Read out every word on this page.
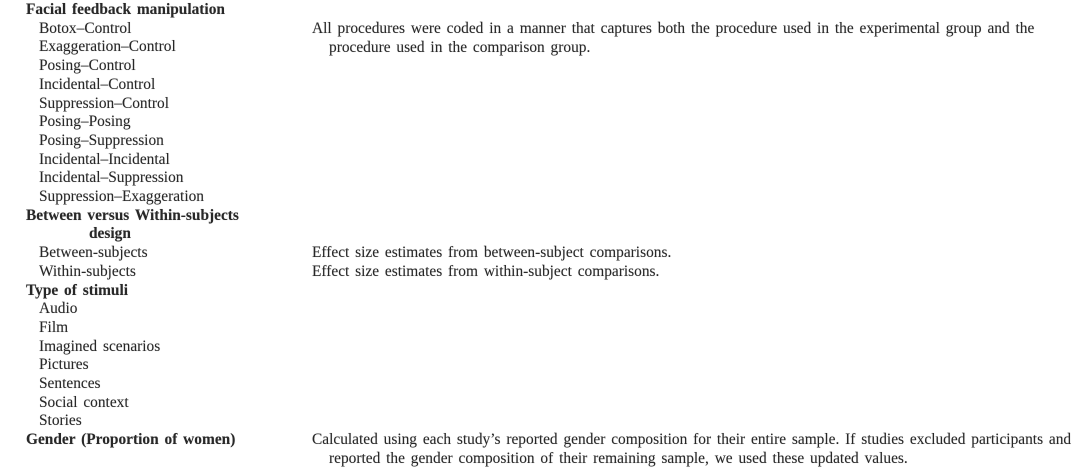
Facial feedback manipulation
Botox–Control
Exaggeration–Control
Posing–Control
Incidental–Control
Suppression–Control
Posing–Posing
Posing–Suppression
Incidental–Incidental
Incidental–Suppression
Suppression–Exaggeration
Between versus Within-subjects design
Between-subjects
Within-subjects
Type of stimuli
Audio
Film
Imagined scenarios
Pictures
Sentences
Social context
Stories
Gender (Proportion of women)
All procedures were coded in a manner that captures both the procedure used in the experimental group and the procedure used in the comparison group.
Effect size estimates from between-subject comparisons.
Effect size estimates from within-subject comparisons.
Calculated using each study’s reported gender composition for their entire sample. If studies excluded participants and reported the gender composition of their remaining sample, we used these updated values.
